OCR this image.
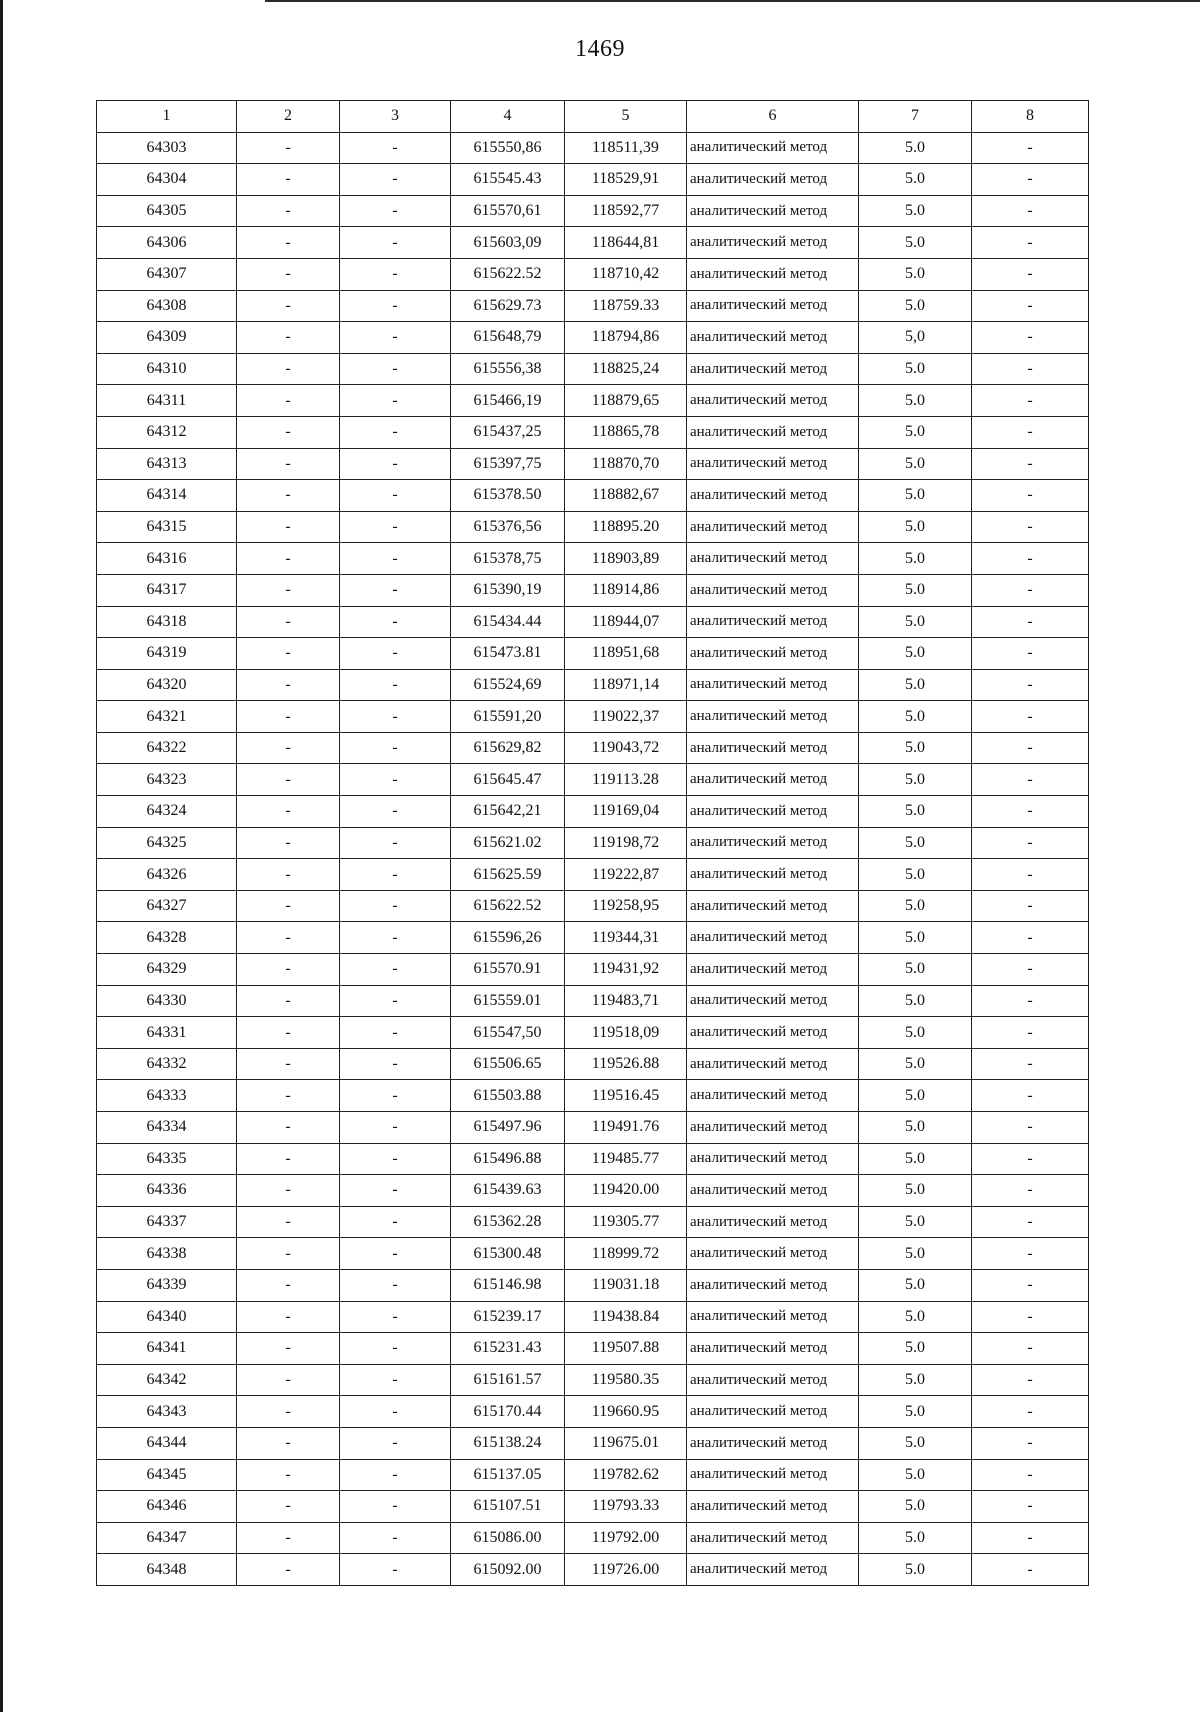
1469
1	2	3	4	5	6	7	8
64303	-	-	615550,86	118511,39	аналитический метод	5.0	-
64304	-	-	615545.43	118529,91	аналитический метод	5.0	-
64305	-	-	615570,61	118592,77	аналитический метод	5.0	-
64306	-	-	615603,09	118644,81	аналитический метод	5.0	-
64307	-	-	615622.52	118710,42	аналитический метод	5.0	-
64308	-	-	615629.73	118759.33	аналитический метод	5.0	-
64309	-	-	615648,79	118794,86	аналитический метод	5,0	-
64310	-	-	615556,38	118825,24	аналитический метод	5.0	-
64311	-	-	615466,19	118879,65	аналитический метод	5.0	-
64312	-	-	615437,25	118865,78	аналитический метод	5.0	-
64313	-	-	615397,75	118870,70	аналитический метод	5.0	-
64314	-	-	615378.50	118882,67	аналитический метод	5.0	-
64315	-	-	615376,56	118895.20	аналитический метод	5.0	-
64316	-	-	615378,75	118903,89	аналитический метод	5.0	-
64317	-	-	615390,19	118914,86	аналитический метод	5.0	-
64318	-	-	615434.44	118944,07	аналитический метод	5.0	-
64319	-	-	615473.81	118951,68	аналитический метод	5.0	-
64320	-	-	615524,69	118971,14	аналитический метод	5.0	-
64321	-	-	615591,20	119022,37	аналитический метод	5.0	-
64322	-	-	615629,82	119043,72	аналитический метод	5.0	-
64323	-	-	615645.47	119113.28	аналитический метод	5.0	-
64324	-	-	615642,21	119169,04	аналитический метод	5.0	-
64325	-	-	615621.02	119198,72	аналитический метод	5.0	-
64326	-	-	615625.59	119222,87	аналитический метод	5.0	-
64327	-	-	615622.52	119258,95	аналитический метод	5.0	-
64328	-	-	615596,26	119344,31	аналитический метод	5.0	-
64329	-	-	615570.91	119431,92	аналитический метод	5.0	-
64330	-	-	615559.01	119483,71	аналитический метод	5.0	-
64331	-	-	615547,50	119518,09	аналитический метод	5.0	-
64332	-	-	615506.65	119526.88	аналитический метод	5.0	-
64333	-	-	615503.88	119516.45	аналитический метод	5.0	-
64334	-	-	615497.96	119491.76	аналитический метод	5.0	-
64335	-	-	615496.88	119485.77	аналитический метод	5.0	-
64336	-	-	615439.63	119420.00	аналитический метод	5.0	-
64337	-	-	615362.28	119305.77	аналитический метод	5.0	-
64338	-	-	615300.48	118999.72	аналитический метод	5.0	-
64339	-	-	615146.98	119031.18	аналитический метод	5.0	-
64340	-	-	615239.17	119438.84	аналитический метод	5.0	-
64341	-	-	615231.43	119507.88	аналитический метод	5.0	-
64342	-	-	615161.57	119580.35	аналитический метод	5.0	-
64343	-	-	615170.44	119660.95	аналитический метод	5.0	-
64344	-	-	615138.24	119675.01	аналитический метод	5.0	-
64345	-	-	615137.05	119782.62	аналитический метод	5.0	-
64346	-	-	615107.51	119793.33	аналитический метод	5.0	-
64347	-	-	615086.00	119792.00	аналитический метод	5.0	-
64348	-	-	615092.00	119726.00	аналитический метод	5.0	-
